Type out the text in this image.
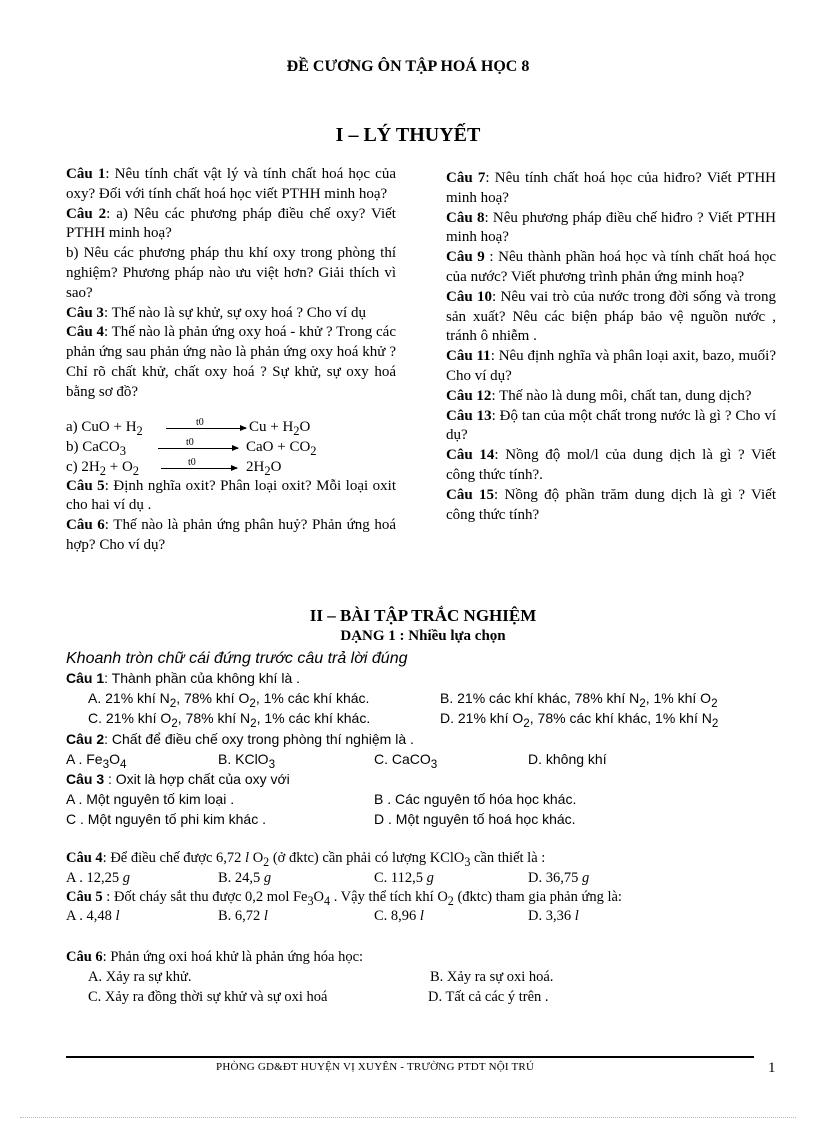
ĐỀ CƯƠNG ÔN TẬP HOÁ HỌC 8
I – LÝ THUYẾT

Câu 1: Nêu tính chất vật lý và tính chất hoá học của oxy? Đối với tính chất hoá học viết PTHH minh hoạ?

Câu 2: a) Nêu các phương pháp điều chế oxy? Viết PTHH minh hoạ?

b) Nêu các phương pháp thu khí oxy trong phòng thí nghiệm? Phương pháp nào ưu việt hơn? Giải thích vì sao?

Câu 3: Thế nào là sự khử, sự oxy hoá ? Cho ví dụ

Câu 4: Thế nào là phản ứng oxy hoá - khử ? Trong các phản ứng sau phản ứng nào là phản ứng oxy hoá khử ? Chỉ rõ chất khử, chất oxy hoá ? Sự khử, sự oxy hoá bằng sơ đồ?

a) CuO + $H_2$
t0	$Cu + H_2O$
b) CaCO$_3$
t0	CaO + $CO_2$
c) $2H_2 + O_2$
t0	$2H_2O$

Câu 5: Định nghĩa oxit? Phân loại oxit? Mỗi loại oxit cho hai ví dụ .

Câu 6: Thế nào là phản ứng phân huỷ? Phản ứng hoá hợp? Cho ví dụ?

Câu 7: Nêu tính chất hoá học của hiđro? Viết PTHH minh hoạ?

Câu 8: Nêu phương pháp điều chế hiđro ? Viết PTHH minh hoạ?

Câu 9 : Nêu thành phần hoá học và tính chất hoá học của nước? Viết phương trình phản ứng minh hoạ?

Câu 10: Nêu vai trò của nước trong đời sống và trong sản xuất? Nêu các biện pháp bảo vệ nguồn nước , tránh ô nhiễm .

Câu 11: Nêu định nghĩa và phân loại axit, bazo, muối? Cho ví dụ?

Câu 12: Thế nào là dung môi, chất tan, dung dịch?

Câu 13: Độ tan của một chất trong nước là gì ? Cho ví dụ?

Câu 14: Nồng độ mol/l của dung dịch là gì ? Viết công thức tính?.

Câu 15: Nồng độ phần trăm dung dịch là gì ? Viết công thức tính?

II – BÀI TẬP TRẮC NGHIỆM
DẠNG 1 : Nhiều lựa chọn
Khoanh tròn chữ cái đứng trước câu trả lời đúng
Câu 1: Thành phần của không khí là .
A. 21% khí $N_2$, 78% khí $O_2$, 1% các khí khác.	B. 21% các khí khác, 78% khí $N_2$, 1% khí $O_2$
C. 21% khí $O_2$, 78% khí $N_2$, 1% các khí khác.	D. 21% khí $O_2$, 78% các khí khác, 1% khí $N_2$
Câu 2: Chất để điều chế oxy trong phòng thí nghiệm là .
A . $Fe_3O_4$	B. KClO$_3$	C. CaCO$_3$	D. không khí
Câu 3 : Oxit là hợp chất của oxy với
A . Một nguyên tố kim loại .	B . Các nguyên tố hóa học khác.
C . Một nguyên tố phi kim khác .	D . Một nguyên tố hoá học khác.
Câu 4: Để điều chế được 6,72 l $O_2$ (ở đktc) cần phải có lượng KClO$_3$ cần thiết là :
A . 12,25 g	B. 24,5 g	C. 112,5 g	D. 36,75 g
Câu 5 : Đốt cháy sắt thu được 0,2 mol $Fe_3O_4$ . Vậy thể tích khí $O_2$ (đktc) tham gia phản ứng là:
A . 4,48 l	B. 6,72 l	C. 8,96 l	D. 3,36 l
Câu 6: Phản ứng oxi hoá khử là phản ứng hóa học:
A. Xảy ra sự khử.	B. Xảy ra sự oxi hoá.
C. Xảy ra đồng thời sự khử và sự oxi hoá	D. Tất cả các ý trên .
PHÒNG GD&ĐT HUYỆN VỊ XUYÊN - TRƯỜNG PTDT NỘI TRÚ	1
